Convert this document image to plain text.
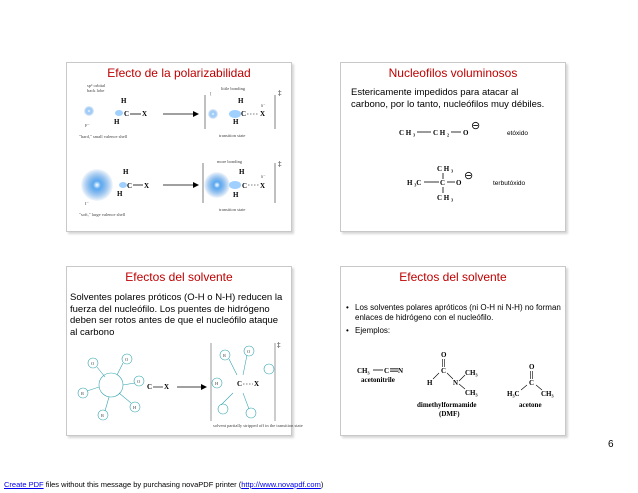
Efecto de la polarizabilidad
sp³ orbital
back lobe
H
H
C X
F⁻
"hard," small valence shell
little bonding
[
H
H
C X
δ⁻
‡
transition state
H
H
C X
I⁻
"soft," large valence shell
more bonding
H
H
C X
δ⁻
‡
transition state
Nucleofilos voluminosos
Estericamente impedidos para atacar al carbono, por lo tanto, nucleófilos muy débiles.
C H ₃	C H ₂ O
⊖
etóxido
C H ₃
H ₃C	C O
⊖
C H ₃
terbutóxido
Efectos del solvente
Solventes polares próticos (O-H o N-H) reducen la fuerza del nucleófilo. Los puentes de hidrógeno deben ser rotos antes de que el nucleófilo ataque al carbono
O
O
R
R
H
O
C X
R
O
H	C X
‡
solvent partially stripped off in the transition state
Efectos del solvente
• Los solventes polares apróticos (ni O-H ni N-H) no forman enlaces de hidrógeno con el nucleófilo.
• Ejemplos:
CH₃ C N
acetonitrile
O
C
H	N
CH₃
CH₃
dimethylformamide
(DMF)
O
C
H₃C	CH₃
acetone
6
Create PDF files without this message by purchasing novaPDF printer (http://www.novapdf.com)
